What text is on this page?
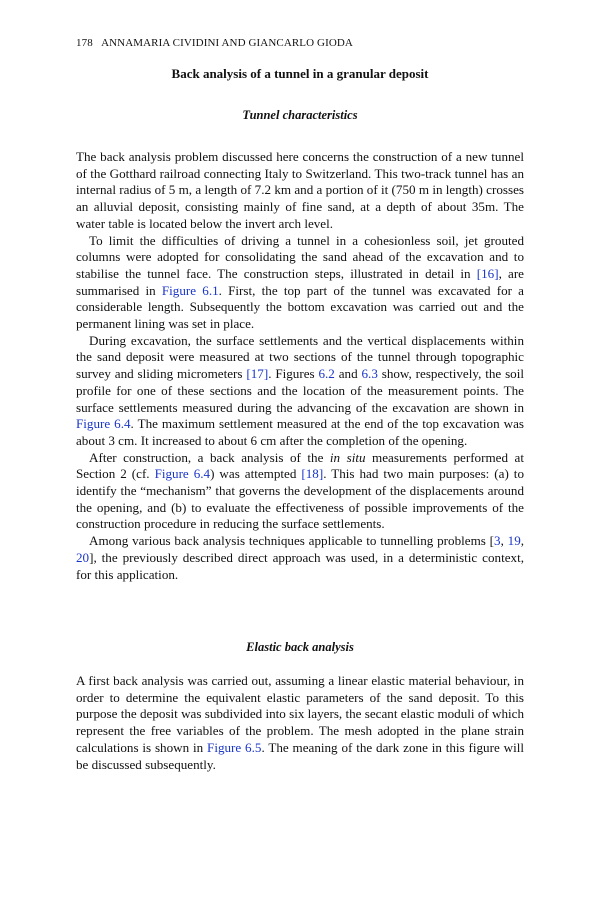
178 ANNAMARIA CIVIDINI AND GIANCARLO GIODA
Back analysis of a tunnel in a granular deposit
Tunnel characteristics

The back analysis problem discussed here concerns the construction of a new tunnel of the Gotthard railroad connecting Italy to Switzerland. This two-track tunnel has an internal radius of 5 m, a length of 7.2 km and a portion of it (750 m in length) crosses an alluvial deposit, consisting mainly of fine sand, at a depth of about 35m. The water table is located below the invert arch level.

To limit the difficulties of driving a tunnel in a cohesionless soil, jet grouted columns were adopted for consolidating the sand ahead of the excavation and to stabilise the tunnel face. The construction steps, illustrated in detail in [16], are summarised in Figure 6.1. First, the top part of the tunnel was excavated for a considerable length. Subsequently the bottom excavation was carried out and the permanent lining was set in place.

During excavation, the surface settlements and the vertical displacements within the sand deposit were measured at two sections of the tunnel through topographic survey and sliding micrometers [17]. Figures 6.2 and 6.3 show, respectively, the soil profile for one of these sections and the location of the measurement points. The surface settlements measured during the advancing of the excavation are shown in Figure 6.4. The maximum settlement measured at the end of the top excavation was about 3 cm. It increased to about 6 cm after the completion of the opening.

After construction, a back analysis of the in situ measurements performed at Section 2 (cf. Figure 6.4) was attempted [18]. This had two main purposes: (a) to identify the “mechanism” that governs the development of the displacements around the opening, and (b) to evaluate the effectiveness of possible improvements of the construction procedure in reducing the surface settlements.

Among various back analysis techniques applicable to tunnelling problems [3, 19, 20], the previously described direct approach was used, in a deterministic context, for this application.

Elastic back analysis

A first back analysis was carried out, assuming a linear elastic material behaviour, in order to determine the equivalent elastic parameters of the sand deposit. To this purpose the deposit was subdivided into six layers, the secant elastic moduli of which represent the free variables of the problem. The mesh adopted in the plane strain calculations is shown in Figure 6.5. The meaning of the dark zone in this figure will be discussed subsequently.
